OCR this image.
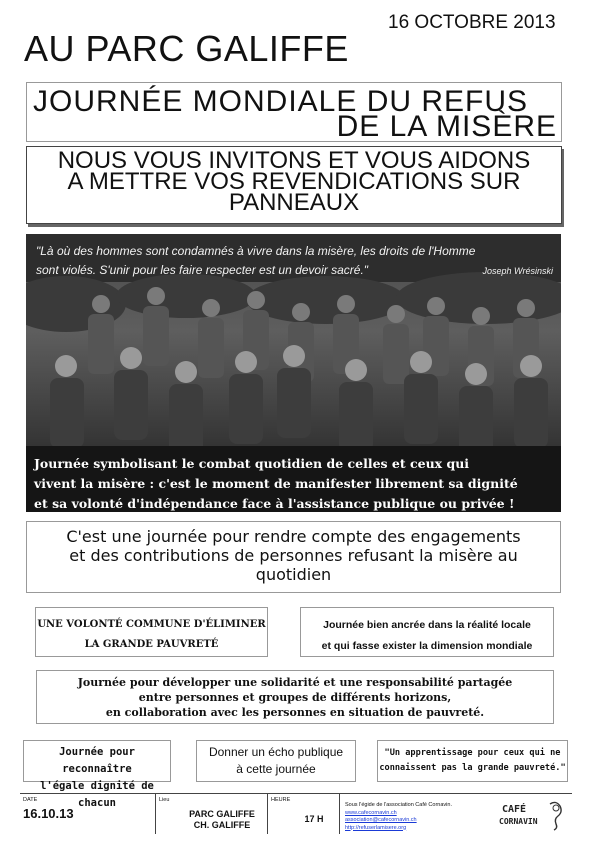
16 OCTOBRE 2013
AU PARC GALIFFE
JOURNÉE MONDIALE DU REFUS
DE LA MISÈRE
NOUS VOUS INVITONS ET VOUS AIDONS
A METTRE VOS REVENDICATIONS SUR
PANNEAUX
"Là où des hommes sont condamnés à vivre dans la misère, les droits de l'Homme
sont violés. S'unir pour les faire respecter est un devoir sacré."	Joseph Wrésinski
Journée symbolisant le combat quotidien de celles et ceux qui
vivent la misère : c'est le moment de manifester librement sa dignité
et sa volonté d'indépendance face à l'assistance publique ou privée !
C'est une journée pour rendre compte des engagements
et des contributions de personnes refusant la misère au
quotidien
UNE VOLONTÉ COMMUNE D'ÉLIMINER
LA GRANDE PAUVRETÉ
Journée bien ancrée dans la réalité locale
et qui fasse exister la dimension mondiale
Journée pour développer une solidarité et une responsabilité partagée
entre personnes et groupes de différents horizons,
en collaboration avec les personnes en situation de pauvreté.
Journée pour reconnaître
l'égale dignité de chacun
Donner un écho publique
à cette journée
"Un apprentissage pour ceux qui ne
connaissent pas la grande pauvreté."
DATE
16.10.13
Lieu
PARC GALIFFE
CH. GALIFFE
HEURE
17 H
Sous l'égide de l'association Café Cornavin.
www.cafecornavin.ch
association@cafecornavin.ch
http://refuserlamisere.org
CAFÉ
CORNAVIN
